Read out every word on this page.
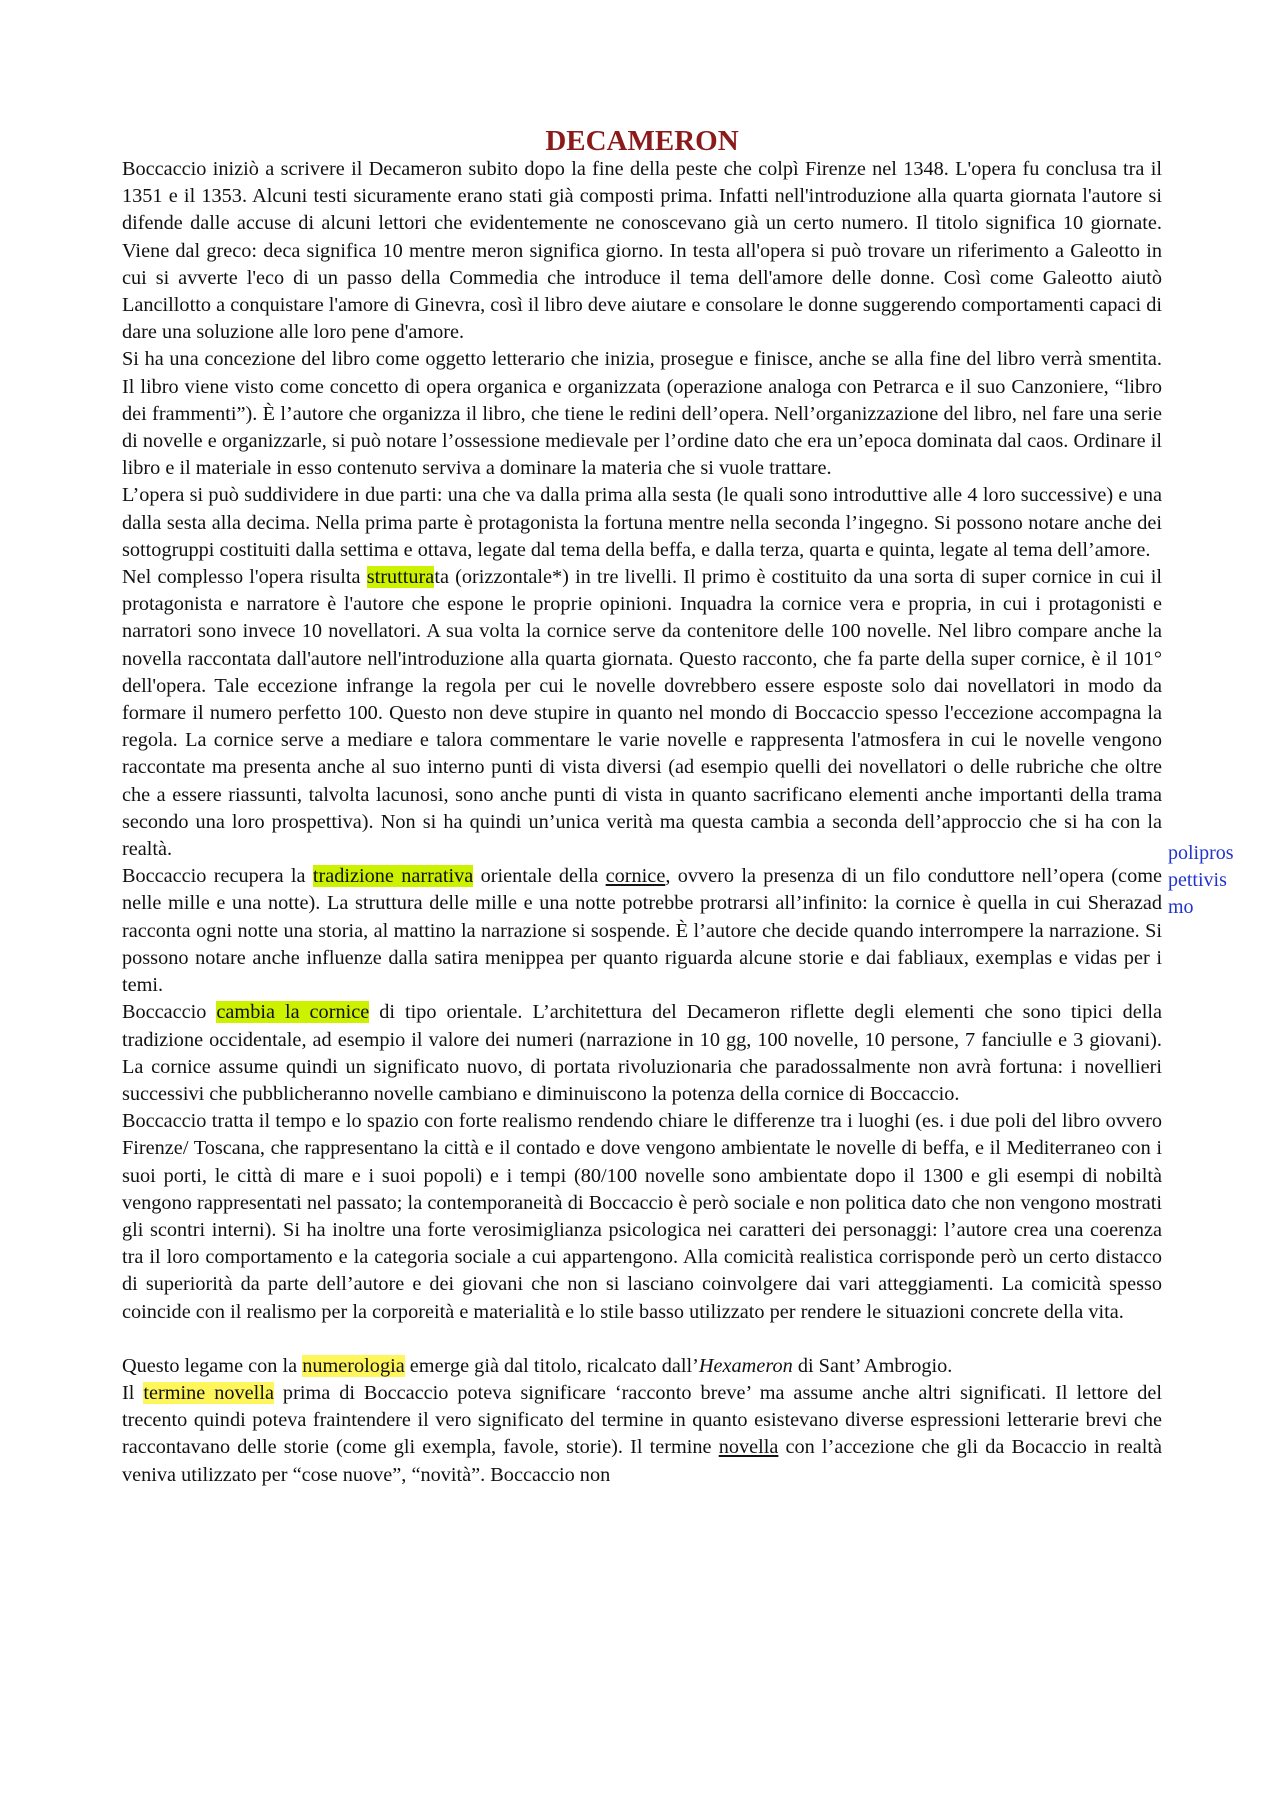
DECAMERON

Boccaccio iniziò a scrivere il Decameron subito dopo la fine della peste che colpì Firenze nel 1348. L'opera fu conclusa tra il 1351 e il 1353. Alcuni testi sicuramente erano stati già composti prima. Infatti nell'introduzione alla quarta giornata l'autore si difende dalle accuse di alcuni lettori che evidentemente ne conoscevano già un certo numero. Il titolo significa 10 giornate. Viene dal greco: deca significa 10 mentre meron significa giorno. In testa all'opera si può trovare un riferimento a Galeotto in cui si avverte l'eco di un passo della Commedia che introduce il tema dell'amore delle donne. Così come Galeotto aiutò Lancillotto a conquistare l'amore di Ginevra, così il libro deve aiutare e consolare le donne suggerendo comportamenti capaci di dare una soluzione alle loro pene d'amore.

Si ha una concezione del libro come oggetto letterario che inizia, prosegue e finisce, anche se alla fine del libro verrà smentita. Il libro viene visto come concetto di opera organica e organizzata (operazione analoga con Petrarca e il suo Canzoniere, “libro dei frammenti”). È l’autore che organizza il libro, che tiene le redini dell’opera. Nell’organizzazione del libro, nel fare una serie di novelle e organizzarle, si può notare l’ossessione medievale per l’ordine dato che era un’epoca dominata dal caos. Ordinare il libro e il materiale in esso contenuto serviva a dominare la materia che si vuole trattare.

L’opera si può suddividere in due parti: una che va dalla prima alla sesta (le quali sono introduttive alle 4 loro successive) e una dalla sesta alla decima. Nella prima parte è protagonista la fortuna mentre nella seconda l’ingegno. Si possono notare anche dei sottogruppi costituiti dalla settima e ottava, legate dal tema della beffa, e dalla terza, quarta e quinta, legate al tema dell’amore.

Nel complesso l'opera risulta strutturata (orizzontale*) in tre livelli. Il primo è costituito da una sorta di super cornice in cui il protagonista e narratore è l'autore che espone le proprie opinioni. Inquadra la cornice vera e propria, in cui i protagonisti e narratori sono invece 10 novellatori. A sua volta la cornice serve da contenitore delle 100 novelle. Nel libro compare anche la novella raccontata dall'autore nell'introduzione alla quarta giornata. Questo racconto, che fa parte della super cornice, è il 101° dell'opera. Tale eccezione infrange la regola per cui le novelle dovrebbero essere esposte solo dai novellatori in modo da formare il numero perfetto 100. Questo non deve stupire in quanto nel mondo di Boccaccio spesso l'eccezione accompagna la regola. La cornice serve a mediare e talora commentare le varie novelle e rappresenta l'atmosfera in cui le novelle vengono raccontate ma presenta anche al suo interno punti di vista diversi (ad esempio quelli dei novellatori o delle rubriche che oltre che a essere riassunti, talvolta lacunosi, sono anche punti di vista in quanto sacrificano elementi anche importanti della trama secondo una loro prospettiva). Non si ha quindi un’unica verità ma questa cambia a seconda dell’approccio che si ha con la realtà.

Boccaccio recupera la tradizione narrativa orientale della cornice, ovvero la presenza di un filo conduttore nell’opera (come nelle mille e una notte). La struttura delle mille e una notte potrebbe protrarsi all’infinito: la cornice è quella in cui Sherazad racconta ogni notte una storia, al mattino la narrazione si sospende. È l’autore che decide quando interrompere la narrazione. Si possono notare anche influenze dalla satira menippea per quanto riguarda alcune storie e dai fabliaux, exemplas e vidas per i temi.

Boccaccio cambia la cornice di tipo orientale. L’architettura del Decameron riflette degli elementi che sono tipici della tradizione occidentale, ad esempio il valore dei numeri (narrazione in 10 gg, 100 novelle, 10 persone, 7 fanciulle e 3 giovani). La cornice assume quindi un significato nuovo, di portata rivoluzionaria che paradossalmente non avrà fortuna: i novellieri successivi che pubblicheranno novelle cambiano e diminuiscono la potenza della cornice di Boccaccio.

Boccaccio tratta il tempo e lo spazio con forte realismo rendendo chiare le differenze tra i luoghi (es. i due poli del libro ovvero Firenze/ Toscana, che rappresentano la città e il contado e dove vengono ambientate le novelle di beffa, e il Mediterraneo con i suoi porti, le città di mare e i suoi popoli) e i tempi (80/100 novelle sono ambientate dopo il 1300 e gli esempi di nobiltà vengono rappresentati nel passato; la contemporaneità di Boccaccio è però sociale e non politica dato che non vengono mostrati gli scontri interni). Si ha inoltre una forte verosimiglianza psicologica nei caratteri dei personaggi: l’autore crea una coerenza tra il loro comportamento e la categoria sociale a cui appartengono. Alla comicità realistica corrisponde però un certo distacco di superiorità da parte dell’autore e dei giovani che non si lasciano coinvolgere dai vari atteggiamenti. La comicità spesso coincide con il realismo per la corporeità e materialità e lo stile basso utilizzato per rendere le situazioni concrete della vita.

Questo legame con la numerologia emerge già dal titolo, ricalcato dall’Hexameron di Sant’ Ambrogio.

Il termine novella prima di Boccaccio poteva significare ‘racconto breve’ ma assume anche altri significati. Il lettore del trecento quindi poteva fraintendere il vero significato del termine in quanto esistevano diverse espressioni letterarie brevi che raccontavano delle storie (come gli exempla, favole, storie). Il termine novella con l’accezione che gli da Bocaccio in realtà veniva utilizzato per “cose nuove”, “novità”. Boccaccio non

polipros
pettivis
mo
